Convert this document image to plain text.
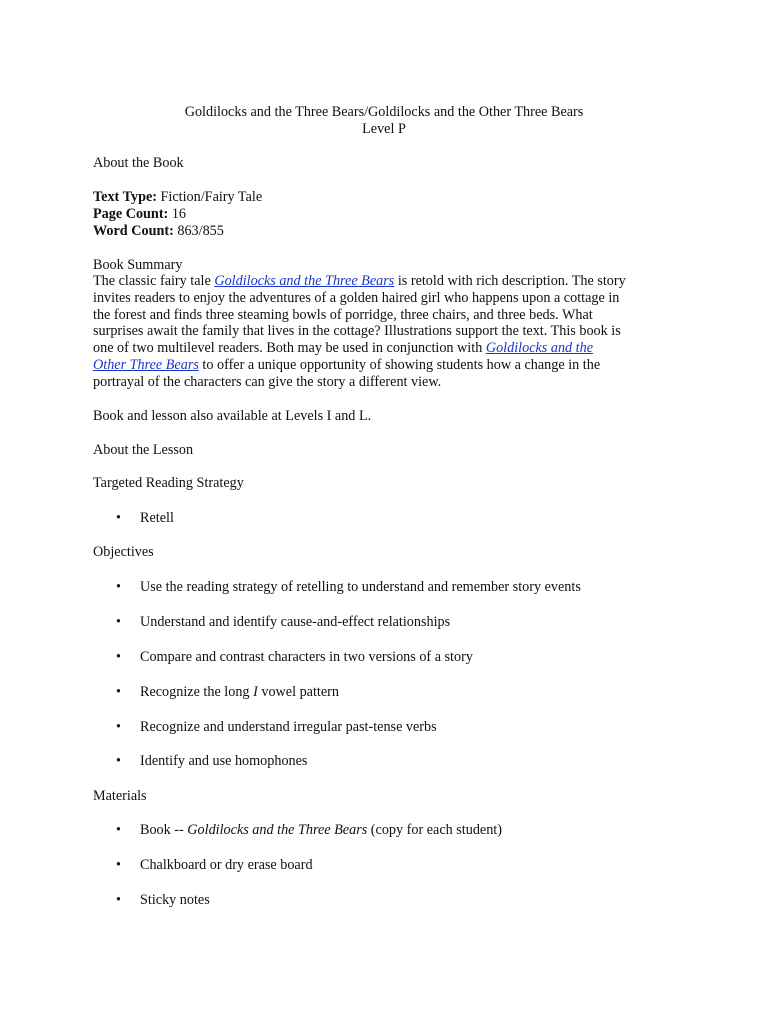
Goldilocks and the Three Bears/Goldilocks and the Other Three Bears
Level P
About the Book
Text Type: Fiction/Fairy Tale
Page Count: 16
Word Count: 863/855
Book Summary
The classic fairy tale Goldilocks and the Three Bears is retold with rich description. The story
invites readers to enjoy the adventures of a golden haired girl who happens upon a cottage in
the forest and finds three steaming bowls of porridge, three chairs, and three beds. What
surprises await the family that lives in the cottage? Illustrations support the text. This book is
one of two multilevel readers. Both may be used in conjunction with Goldilocks and the
Other Three Bears to offer a unique opportunity of showing students how a change in the
portrayal of the characters can give the story a different view.
Book and lesson also available at Levels I and L.
About the Lesson
Targeted Reading Strategy
•Retell
Objectives
•Use the reading strategy of retelling to understand and remember story events
•Understand and identify cause-and-effect relationships
•Compare and contrast characters in two versions of a story
•Recognize the long I vowel pattern
•Recognize and understand irregular past-tense verbs
•Identify and use homophones
Materials
•Book -- Goldilocks and the Three Bears (copy for each student)
•Chalkboard or dry erase board
•Sticky notes
